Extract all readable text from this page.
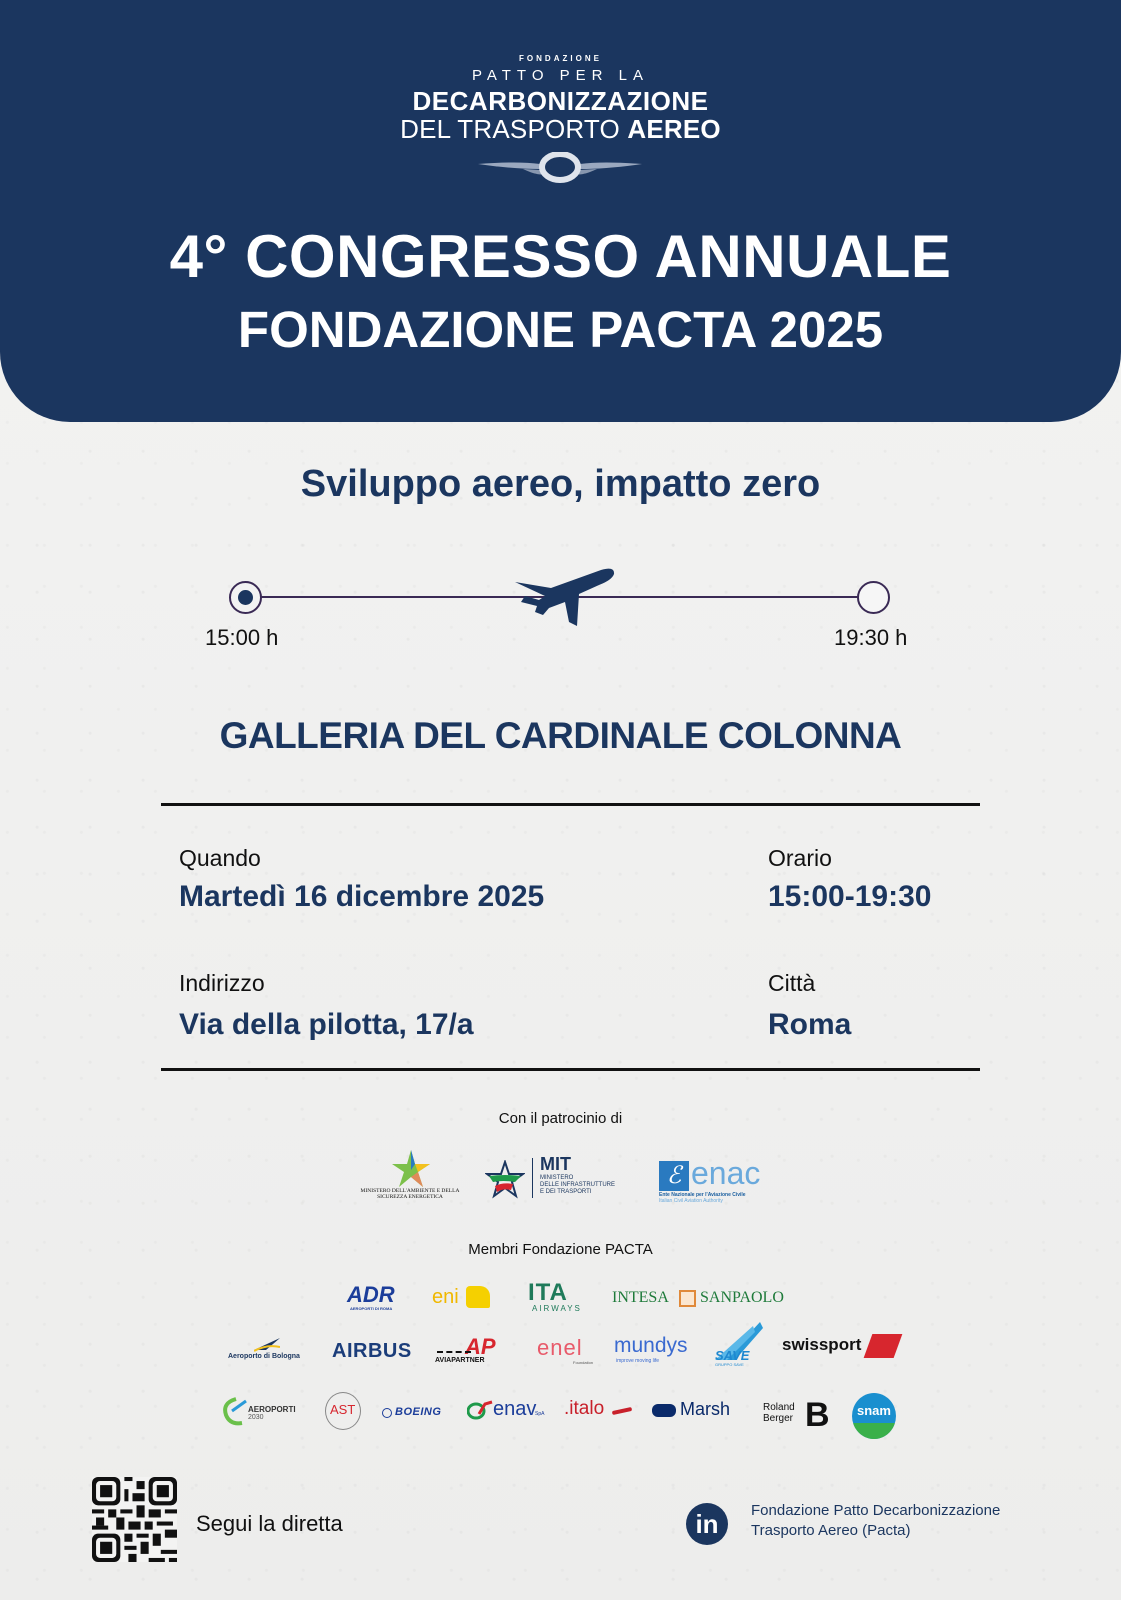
FONDAZIONE
PATTO PER LA
DECARBONIZZAZIONE
DEL TRASPORTO AEREO
4° CONGRESSO ANNUALE
FONDAZIONE PACTA 2025
Sviluppo aereo, impatto zero
15:00 h	19:30 h
GALLERIA DEL CARDINALE COLONNA
Quando
Martedì 16 dicembre 2025
Orario
15:00-19:30
Indirizzo
Via della pilotta, 17/a
Città
Roma
Con il patrocinio di
MINISTERO DELL'AMBIENTE E DELLA SICUREZZA ENERGETICA
MIT
MINISTERO
DELLE INFRASTRUTTURE
E DEI TRASPORTI
ℰ enac
Ente Nazionale per l'Aviazione Civile
Italian Civil Aviation Authority
Membri Fondazione PACTA
ADR
AEROPORTI DI ROMA
eni	ITA
AIRWAYS
INTESA SANPAOLO
Aeroporto di Bologna AIRBUS AP
AVIAPARTNER
enel
Foundation
mundys
improve moving life	SAVE
GRUPPO SAVE
swissport
AEROPORTI
2030
AST	BOEING	enav
SpA .italo	Marsh	Roland
Berger B snam
Segui la diretta	in	Fondazione Patto Decarbonizzazione
Trasporto Aereo (Pacta)
